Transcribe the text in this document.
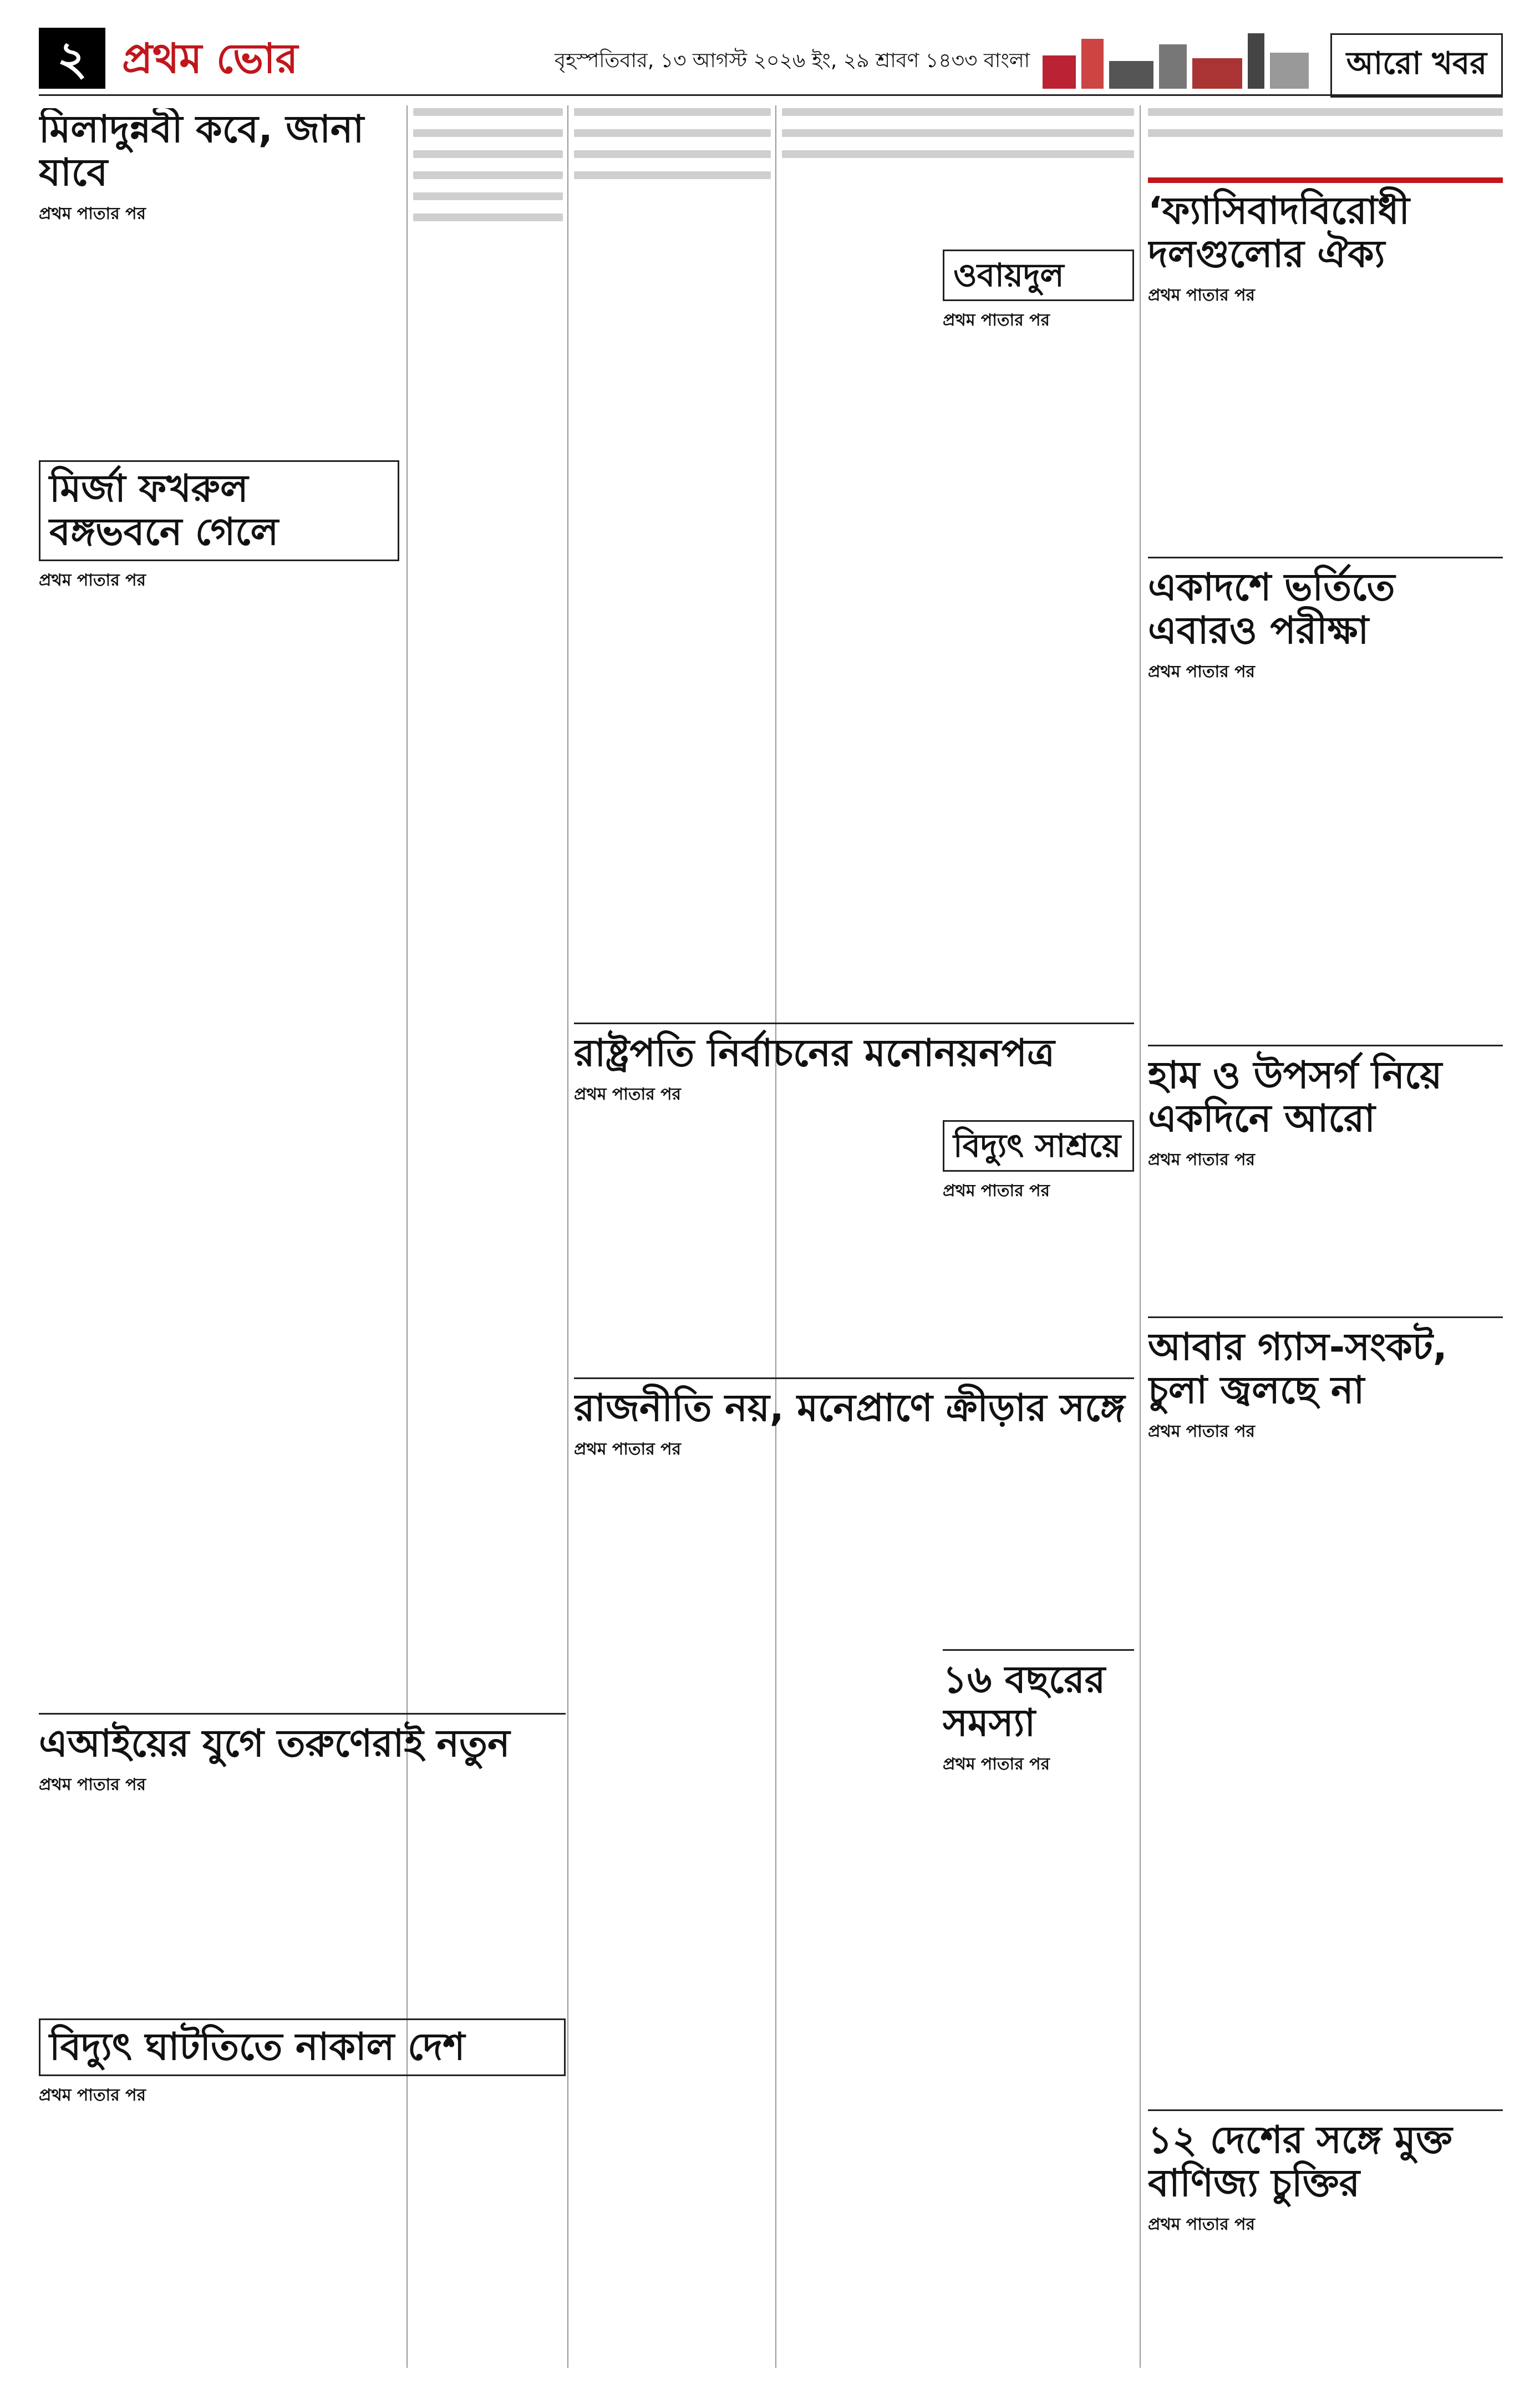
২ প্রথম ভোর	বৃহস্পতিবার, ১৩ আগস্ট ২০২৬ ইং, ২৯ শ্রাবণ ১৪৩৩ বাংলা	আরো খবর
মিলাদুন্নবী কবে, জানা যাবে
প্রথম পাতার পর
মির্জা ফখরুল বঙ্গভবনে গেলে
প্রথম পাতার পর
এআইয়ের যুগে তরুণেরাই নতুন
প্রথম পাতার পর
বিদ্যুৎ ঘাটতিতে নাকাল দেশ
প্রথম পাতার পর
রাষ্ট্রপতি নির্বাচনের মনোনয়নপত্র
প্রথম পাতার পর
রাজনীতি নয়, মনেপ্রাণে ক্রীড়ার সঙ্গে
প্রথম পাতার পর
ওবায়দুল
প্রথম পাতার পর
বিদ্যুৎ সাশ্রয়ে
প্রথম পাতার পর
১৬ বছরের সমস্যা
প্রথম পাতার পর
‘ফ্যাসিবাদবিরোধী দলগুলোর ঐক্য
প্রথম পাতার পর
একাদশে ভর্তিতে এবারও পরীক্ষা
প্রথম পাতার পর
হাম ও উপসর্গ নিয়ে একদিনে আরো
প্রথম পাতার পর
আবার গ্যাস-সংকট, চুলা জ্বলছে না
প্রথম পাতার পর
১২ দেশের সঙ্গে মুক্ত বাণিজ্য চুক্তির
প্রথম পাতার পর
